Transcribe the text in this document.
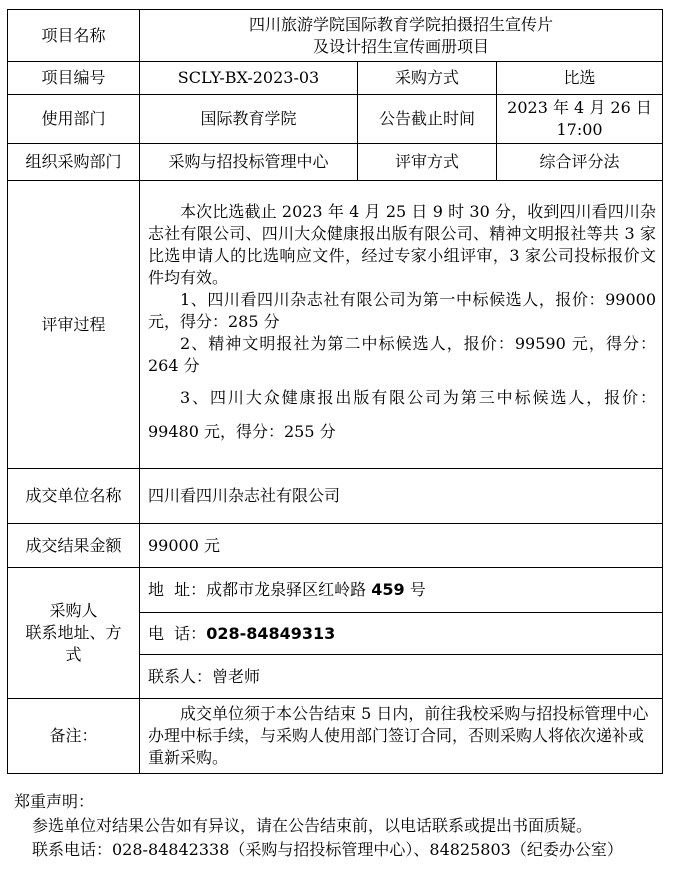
项目名称	四川旅游学院国际教育学院拍摄招生宣传片
及设计招生宣传画册项目		

项目编号	SCLY-BX-2023-03	采购方式	比选
使用部门	国际教育学院	公告截止时间	2023 年 4 月 26 日
17:00

组织采购部门	采购与招投标管理中心	评审方式	综合评分法
评审过程	本次比选截止 2023 年 4 月 25 日 9 时 30 分，收到四川看四川杂志社有限公司、四川大众健康报出版有限公司、精神文明报社等共 3 家比选申请人的比选响应文件，经过专家小组评审，3 家公司投标报价文件均有效。

1、四川看四川杂志社有限公司为第一中标候选人，报价：99000 元，得分：285 分

2、精神文明报社为第二中标候选人，报价：99590 元，得分：264 分

3、四川大众健康报出版有限公司为第三中标候选人，报价：99480 元，得分：255 分		

成交单位名称	四川看四川杂志社有限公司		
成交结果金额	99000 元		

采购人
联系地址、方
式	地  址：成都市龙泉驿区红岭路 459 号		
	电  话：028-84849313		
	联系人：曾老师		
备注：	成交单位须于本公告结束 5 日内，前往我校采购与招投标管理中心办理中标手续，与采购人使用部门签订合同，否则采购人将依次递补或重新采购。		

郑重声明：
参选单位对结果公告如有异议，请在公告结束前，以电话联系或提出书面质疑。
联系电话：028-84842338（采购与招投标管理中心）、84825803（纪委办公室）
